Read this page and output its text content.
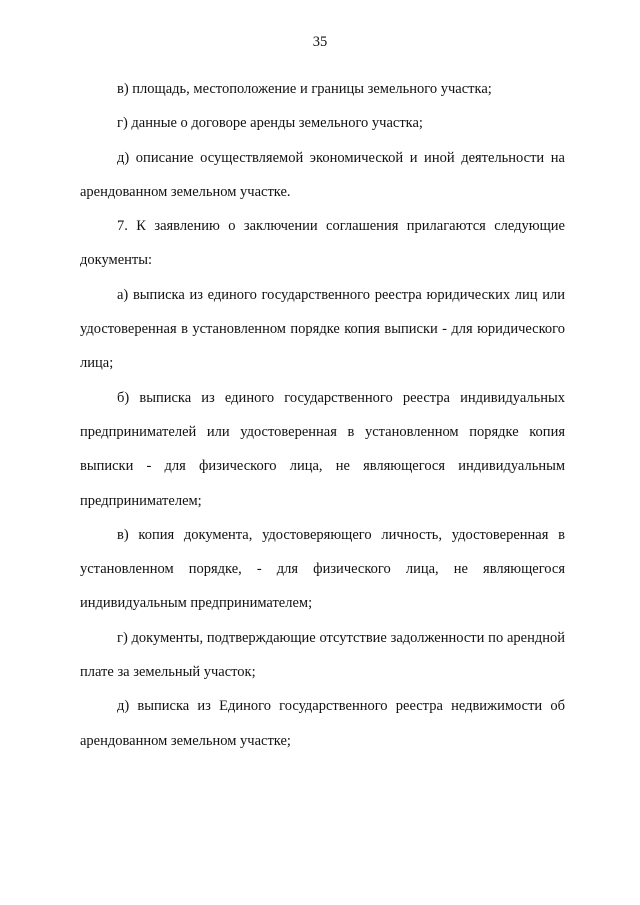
35

в) площадь, местоположение и границы земельного участка;

г) данные о договоре аренды земельного участка;

д) описание осуществляемой экономической и иной деятельности на арендованном земельном участке.

7. К заявлению о заключении соглашения прилагаются следующие документы:

а) выписка из единого государственного реестра юридических лиц или удостоверенная в установленном порядке копия выписки - для юридического лица;

б) выписка из единого государственного реестра индивидуальных предпринимателей или удостоверенная в установленном порядке копия выписки - для физического лица, не являющегося индивидуальным предпринимателем;

в) копия документа, удостоверяющего личность, удостоверенная в установленном порядке, - для физического лица, не являющегося индивидуальным предпринимателем;

г) документы, подтверждающие отсутствие задолженности по арендной плате за земельный участок;

д) выписка из Единого государственного реестра недвижимости об арендованном земельном участке;
